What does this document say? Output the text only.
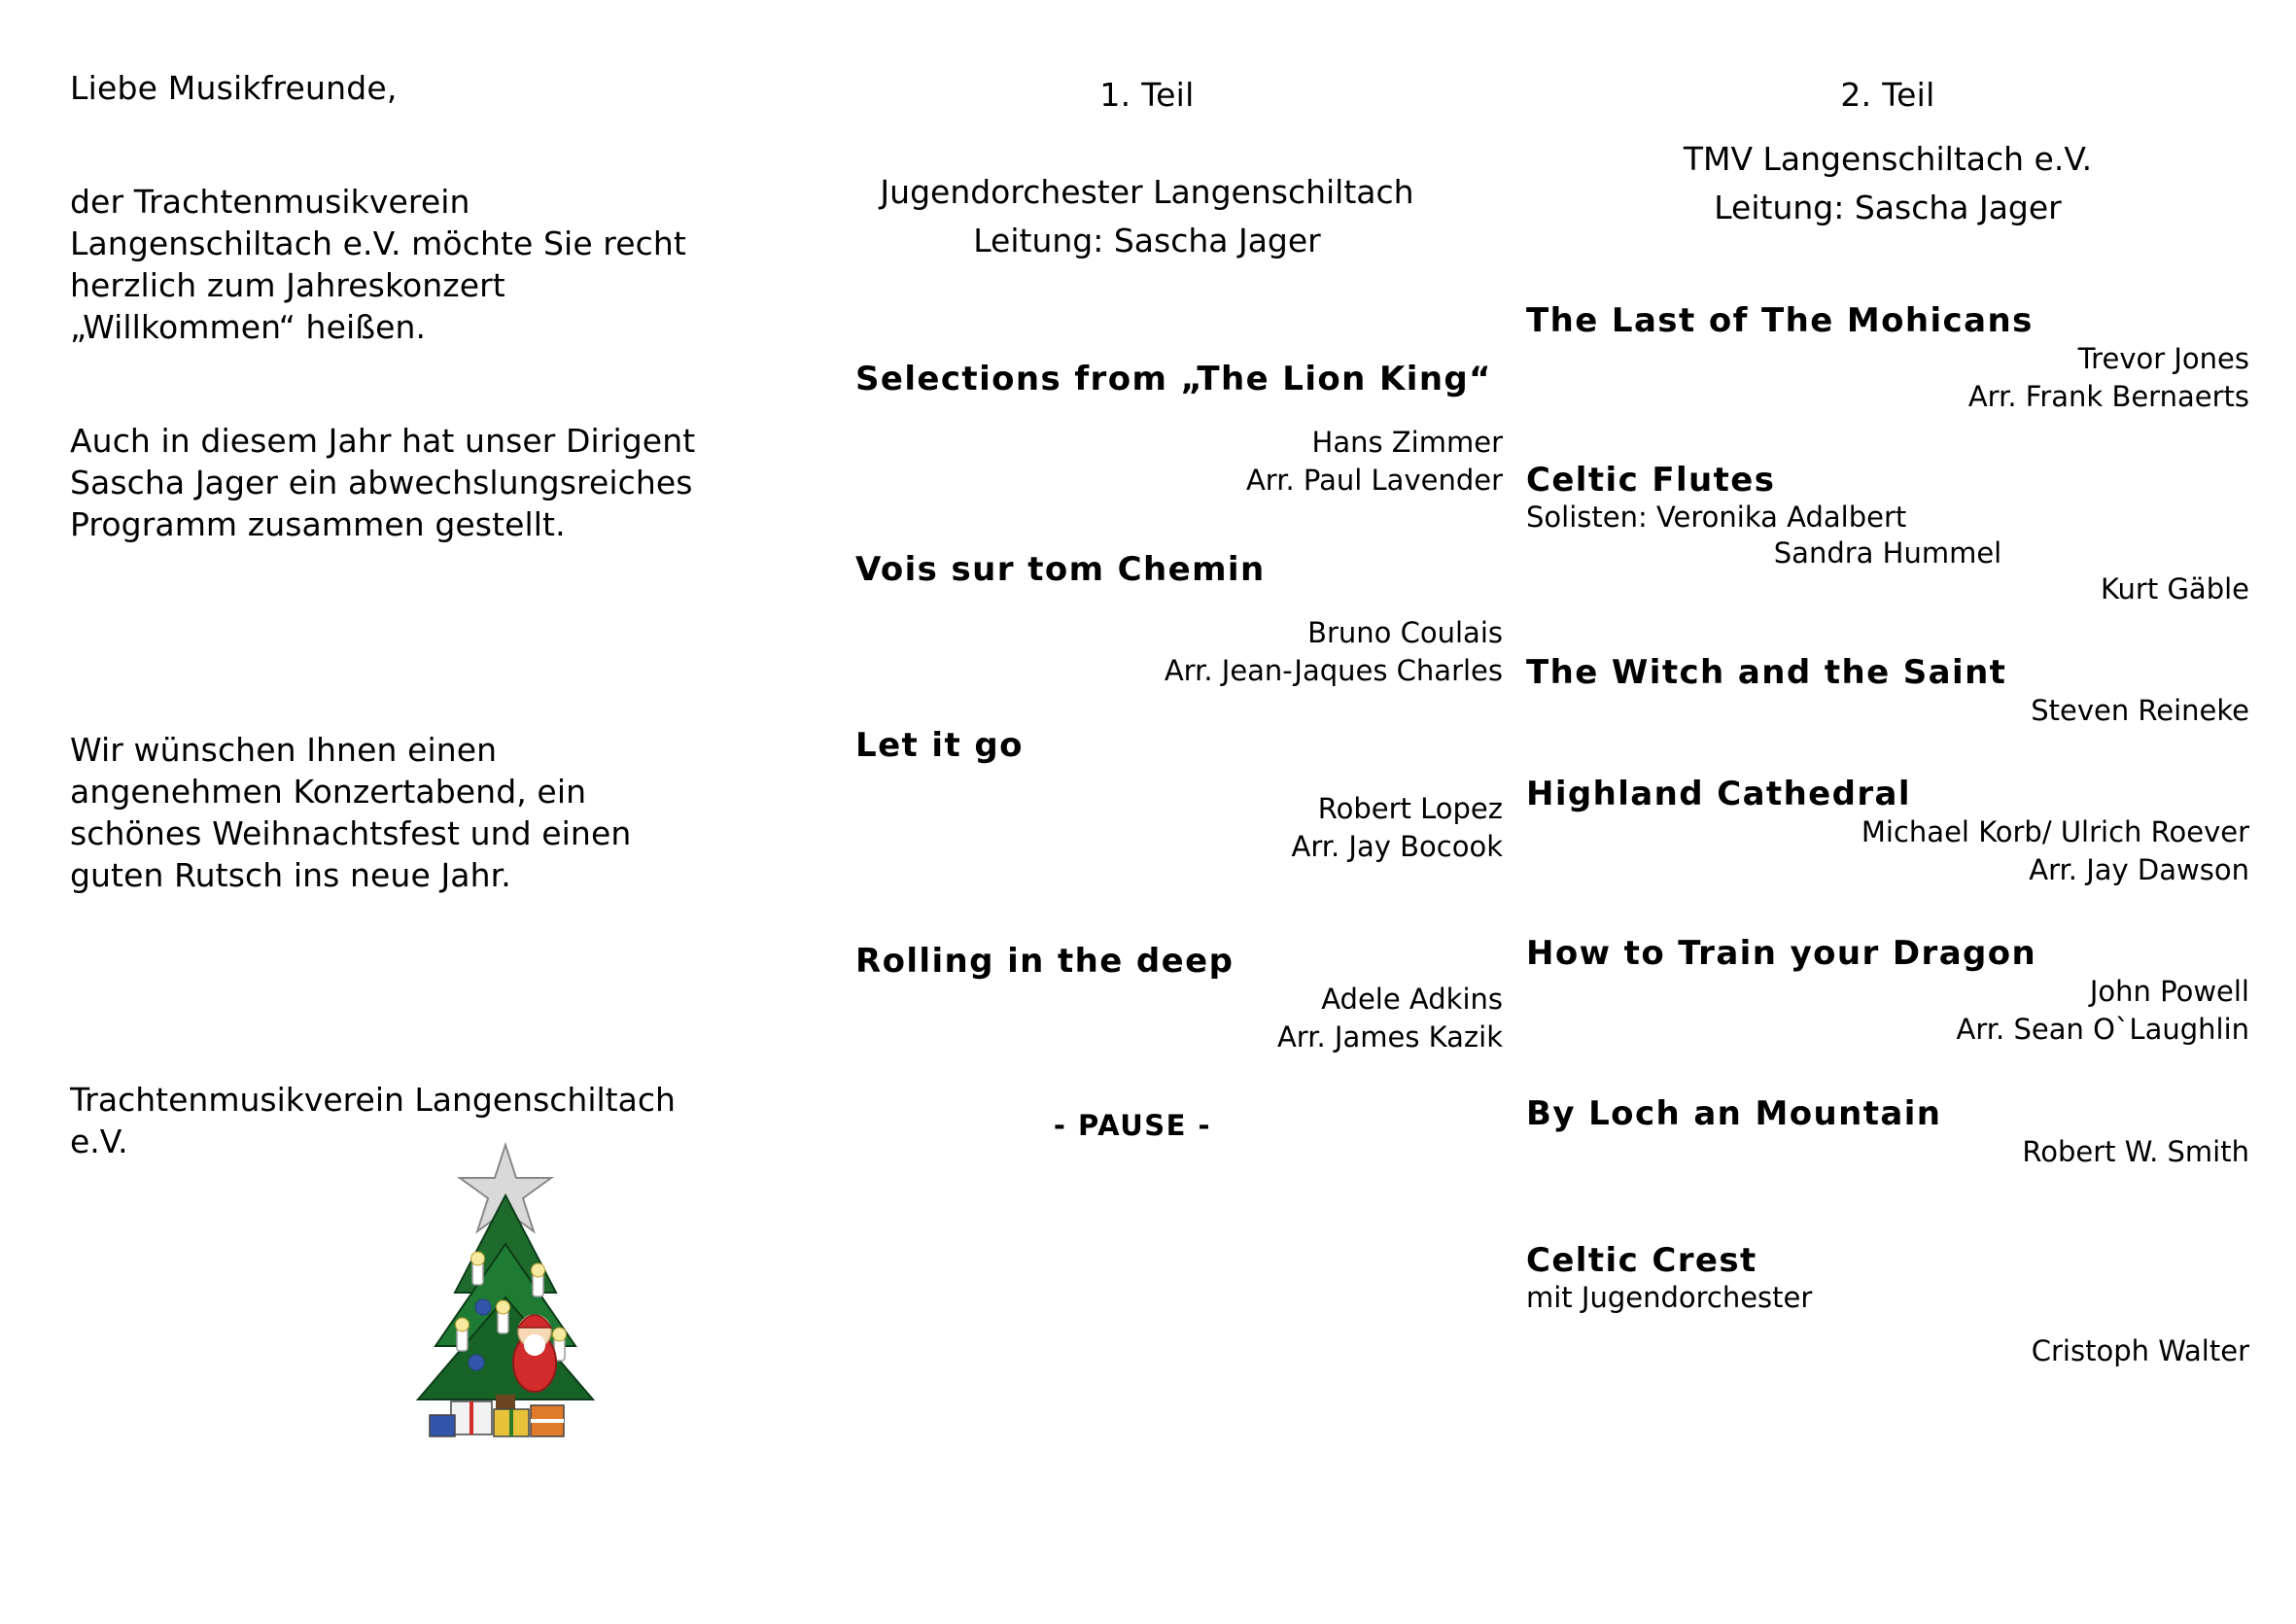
Liebe Musikfreunde,
der Trachtenmusikverein Langenschiltach e.V. möchte Sie recht herzlich zum Jahreskonzert „Willkommen“ heißen.
Auch in diesem Jahr hat unser Dirigent Sascha Jager ein abwechslungsreiches Programm zusammen gestellt.
Wir wünschen Ihnen einen angenehmen Konzertabend, ein schönes Weihnachtsfest und einen guten Rutsch ins neue Jahr.
Trachtenmusikverein Langenschiltach e.V.
1. Teil
Jugendorchester Langenschiltach
Leitung: Sascha Jager
Selections from „The Lion King“
Hans Zimmer
Arr. Paul Lavender
Vois sur tom Chemin
Bruno Coulais
Arr. Jean-Jaques Charles
Let it go
Robert Lopez
Arr. Jay Bocook
Rolling in the deep
Adele Adkins
Arr. James Kazik
- PAUSE -
2. Teil
TMV Langenschiltach e.V.
Leitung: Sascha Jager
The Last of The Mohicans
Trevor Jones
Arr. Frank Bernaerts
Celtic Flutes
Solisten: Veronika Adalbert
Sandra Hummel
Kurt Gäble
The Witch and the Saint
Steven Reineke
Highland Cathedral
Michael Korb/ Ulrich Roever
Arr. Jay Dawson
How to Train your Dragon
John Powell
Arr. Sean O`Laughlin
By Loch an Mountain
Robert W. Smith
Celtic Crest
mit Jugendorchester
Cristoph Walter
